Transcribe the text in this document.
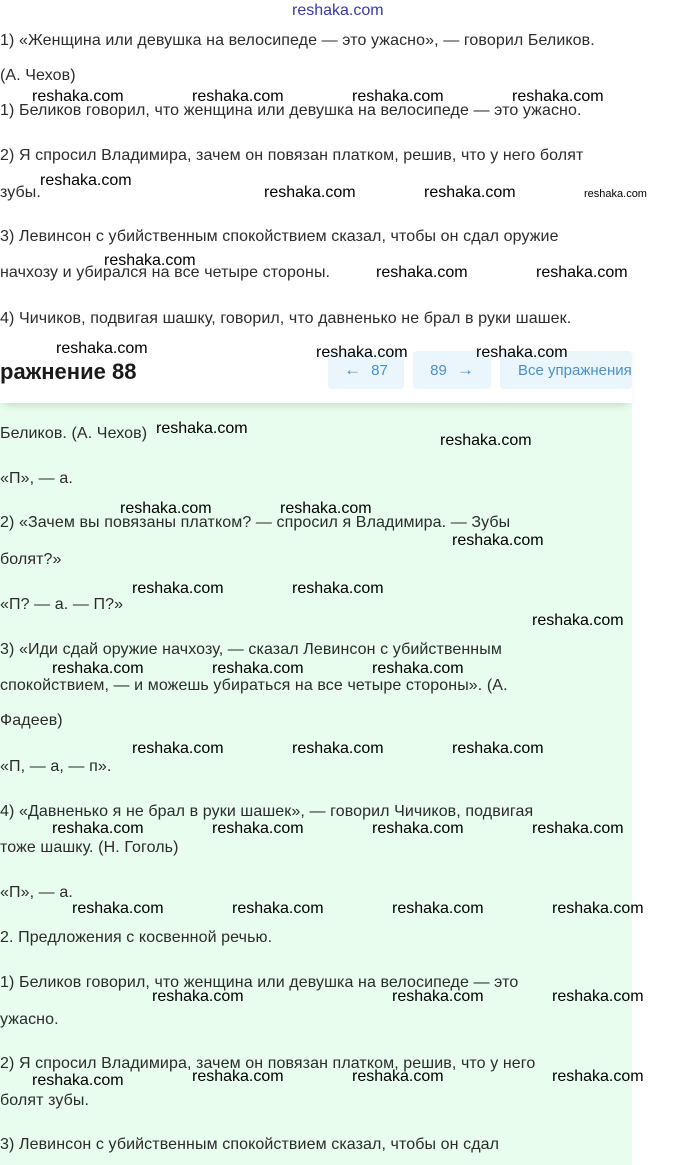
reshaka.com
1) «Женщина или девушка на велосипеде — это ужасно», — говорил Беликов.
(А. Чехов)
1) Беликов говорил, что женщина или девушка на велосипеде — это ужасно.
2) Я спросил Владимира, зачем он повязан платком, решив, что у него болят
зубы.
3) Левинсон с убийственным спокойствием сказал, чтобы он сдал оружие
начхозу и убирался на все четыре стороны.
4) Чичиков, подвигая шашку, говорил, что давненько не брал в руки шашек.
ражнение 88	← 87	89 →	Все упражнения
Беликов. (А. Чехов)
«П», — а.
2) «Зачем вы повязаны платком? — спросил я Владимира. — Зубы
болят?»
«П? — а. — П?»
3) «Иди сдай оружие начхозу, — сказал Левинсон с убийственным
спокойствием, — и можешь убираться на все четыре стороны». (А.
Фадеев)
«П, — а, — п».
4) «Давненько я не брал в руки шашек», — говорил Чичиков, подвигая
тоже шашку. (Н. Гоголь)
«П», — а.
2. Предложения с косвенной речью.
1) Беликов говорил, что женщина или девушка на велосипеде — это
ужасно.
2) Я спросил Владимира, зачем он повязан платком, решив, что у него
болят зубы.
3) Левинсон с убийственным спокойствием сказал, чтобы он сдал
reshaka.com	reshaka.com	reshaka.com	reshaka.com
reshaka.com
reshaka.com	reshaka.com	reshaka.com
reshaka.com
reshaka.com	reshaka.com
reshaka.com	reshaka.com	reshaka.com
reshaka.com
reshaka.com
reshaka.com	reshaka.com
reshaka.com
reshaka.com	reshaka.com
reshaka.com
reshaka.com	reshaka.com	reshaka.com
reshaka.com	reshaka.com	reshaka.com
reshaka.com	reshaka.com	reshaka.com	reshaka.com
reshaka.com	reshaka.com	reshaka.com	reshaka.com
reshaka.com	reshaka.com	reshaka.com
reshaka.com	reshaka.com	reshaka.com	reshaka.com
